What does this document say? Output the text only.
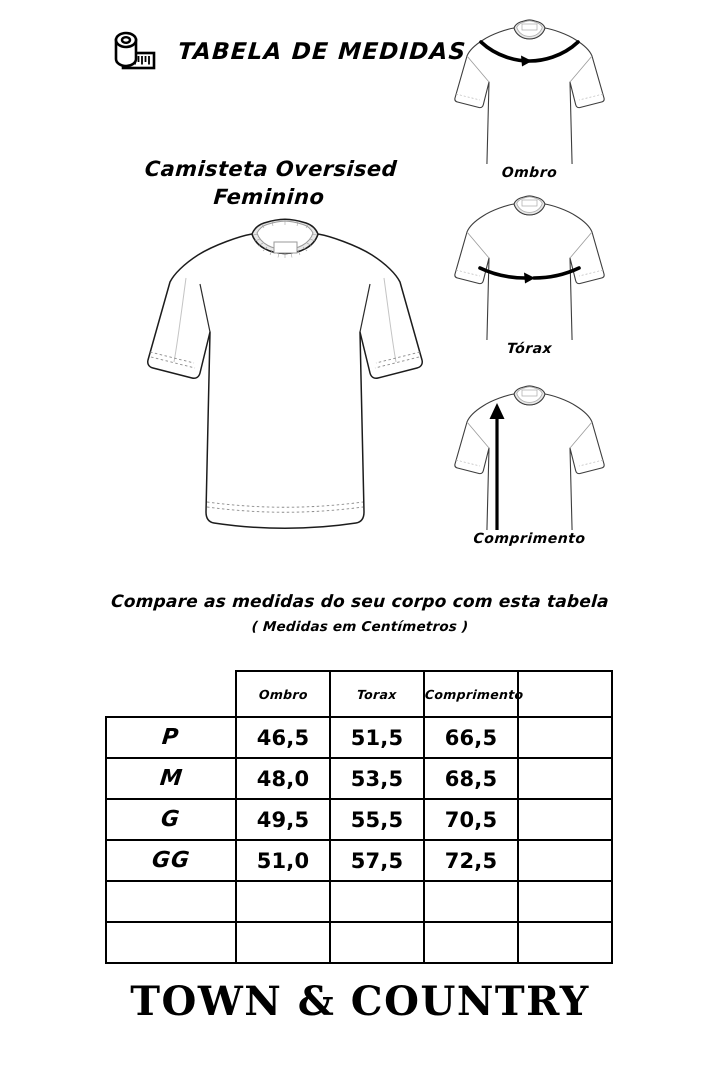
TABELA DE MEDIDAS
Camisteta Oversised
Feminino
Ombro
Tórax
Comprimento
Compare as medidas do seu corpo com esta tabela
( Medidas em Centímetros )
	Ombro	Torax	Comprimento	
P	46,5	51,5	66,5	
M	48,0	53,5	68,5	
G	49,5	55,5	70,5	
GG	51,0	57,5	72,5	

TOWN & COUNTRY
